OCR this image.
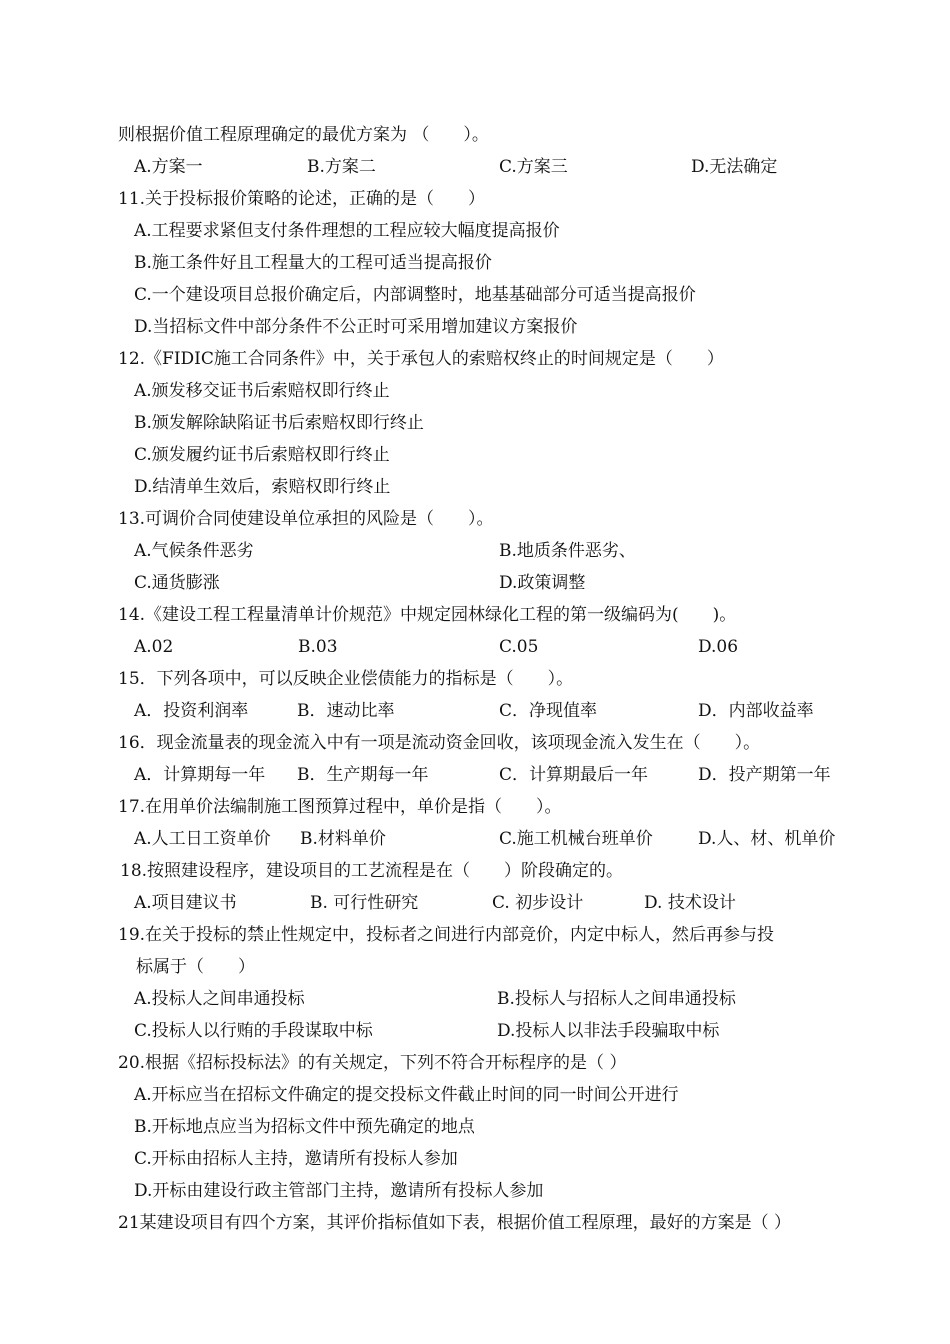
则根据价值工程原理确定的最优方案为 （　　）。
A.方案一	B.方案二	C.方案三	D.无法确定
11.关于投标报价策略的论述，正确的是（　　）
A.工程要求紧但支付条件理想的工程应较大幅度提高报价
B.施工条件好且工程量大的工程可适当提高报价
C.一个建设项目总报价确定后，内部调整时，地基基础部分可适当提高报价
D.当招标文件中部分条件不公正时可采用增加建议方案报价
12.《FIDIC施工合同条件》中，关于承包人的索赔权终止的时间规定是（　　）
A.颁发移交证书后索赔权即行终止
B.颁发解除缺陷证书后索赔权即行终止
C.颁发履约证书后索赔权即行终止
D.结清单生效后，索赔权即行终止
13.可调价合同使建设单位承担的风险是（　　）。
A.气候条件恶劣	B.地质条件恶劣、
C.通货膨涨	D.政策调整
14.《建设工程工程量清单计价规范》中规定园林绿化工程的第一级编码为(　　)。
A.02	B.03	C.05	D.06
15．下列各项中，可以反映企业偿债能力的指标是（　　）。
A．投资利润率	B．速动比率	C．净现值率	D．内部收益率
16．现金流量表的现金流入中有一项是流动资金回收，该项现金流入发生在（　　）。
A．计算期每一年 B．生产期每一年	C．计算期最后一年	D．投产期第一年
17.在用单价法编制施工图预算过程中，单价是指（　　）。
A.人工日工资单价 B.材料单价	C.施工机械台班单价	D.人、材、机单价
18.按照建设程序，建设项目的工艺流程是在（　　）阶段确定的。
A.项目建议书	B. 可行性研究	C. 初步设计	D. 技术设计
19.在关于投标的禁止性规定中，投标者之间进行内部竞价，内定中标人，然后再参与投
标属于（　　）
A.投标人之间串通投标	B.投标人与招标人之间串通投标
C.投标人以行贿的手段谋取中标	D.投标人以非法手段骗取中标
20.根据《招标投标法》的有关规定，下列不符合开标程序的是（ ）
A.开标应当在招标文件确定的提交投标文件截止时间的同一时间公开进行
B.开标地点应当为招标文件中预先确定的地点
C.开标由招标人主持，邀请所有投标人参加
D.开标由建设行政主管部门主持，邀请所有投标人参加
21某建设项目有四个方案，其评价指标值如下表，根据价值工程原理，最好的方案是（ ）
